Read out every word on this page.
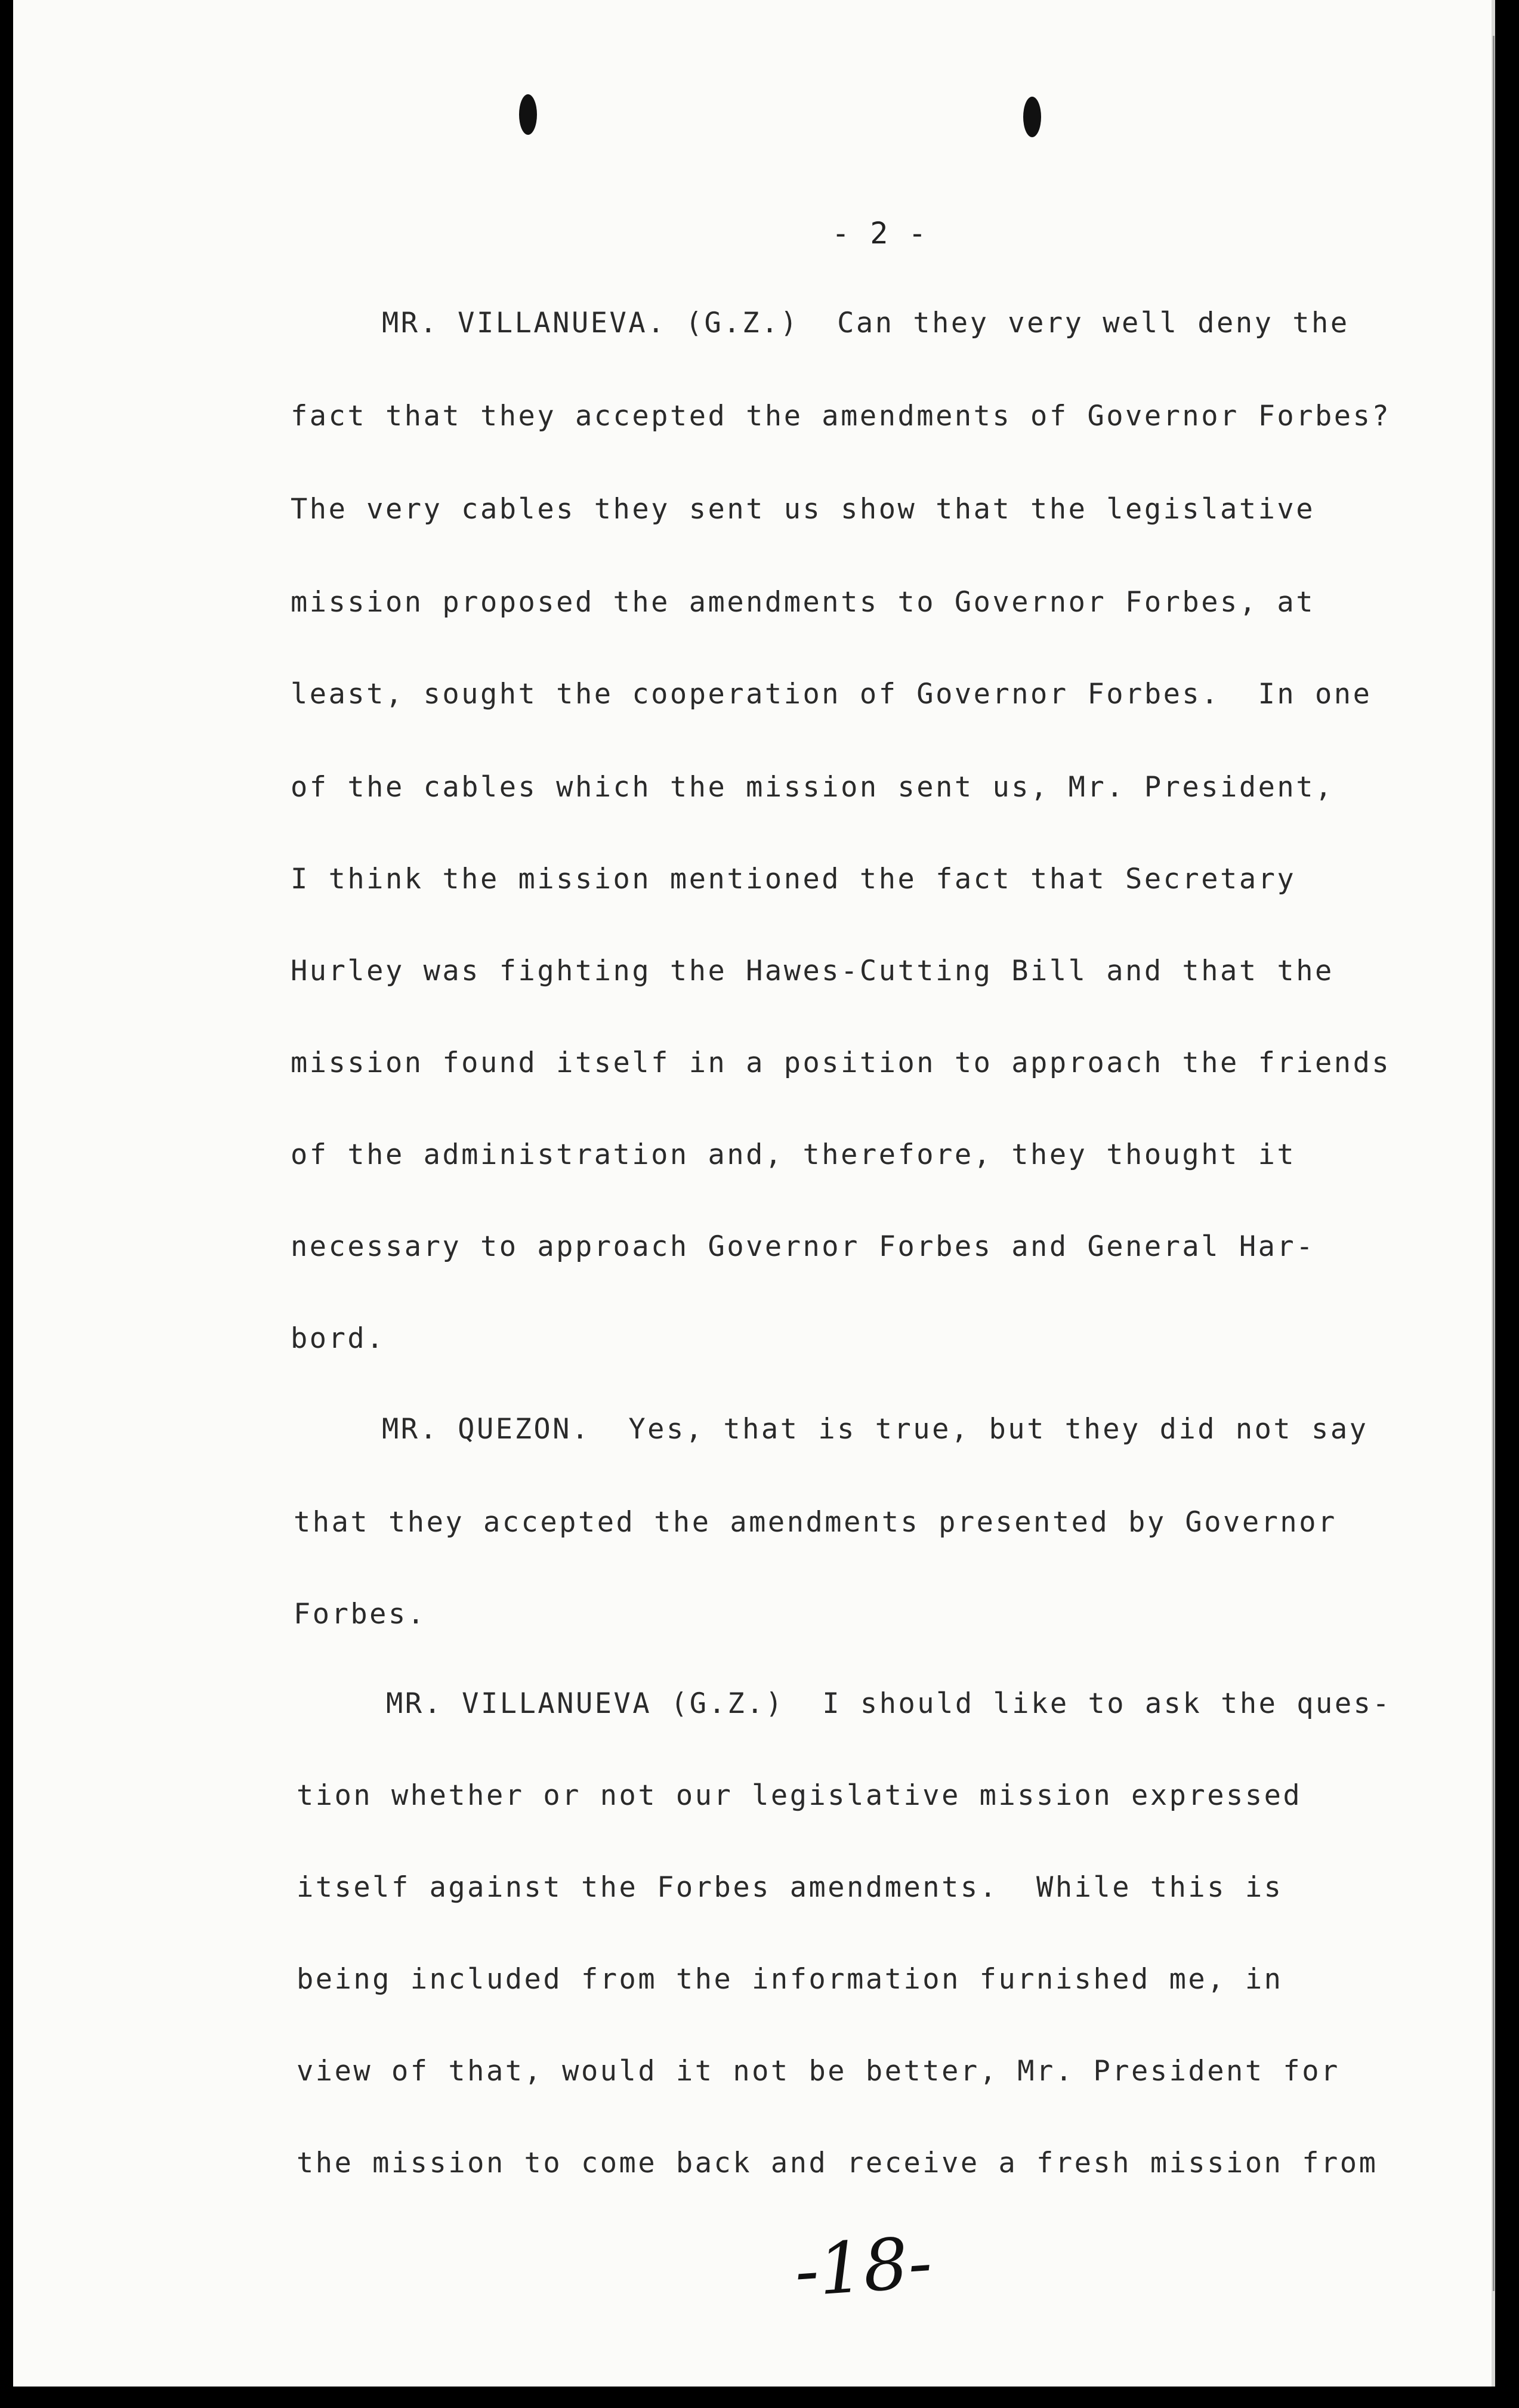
- 2 -
MR. VILLANUEVA. (G.Z.)  Can they very well deny the
fact that they accepted the amendments of Governor Forbes?
The very cables they sent us show that the legislative
mission proposed the amendments to Governor Forbes, at
least, sought the cooperation of Governor Forbes.  In one
of the cables which the mission sent us, Mr. President,
I think the mission mentioned the fact that Secretary
Hurley was fighting the Hawes-Cutting Bill and that the
mission found itself in a position to approach the friends
of the administration and, therefore, they thought it
necessary to approach Governor Forbes and General Har-
bord.
MR. QUEZON.  Yes, that is true, but they did not say
that they accepted the amendments presented by Governor
Forbes.
MR. VILLANUEVA (G.Z.)  I should like to ask the ques-
tion whether or not our legislative mission expressed
itself against the Forbes amendments.  While this is
being included from the information furnished me, in
view of that, would it not be better, Mr. President for
the mission to come back and receive a fresh mission from
-18-
